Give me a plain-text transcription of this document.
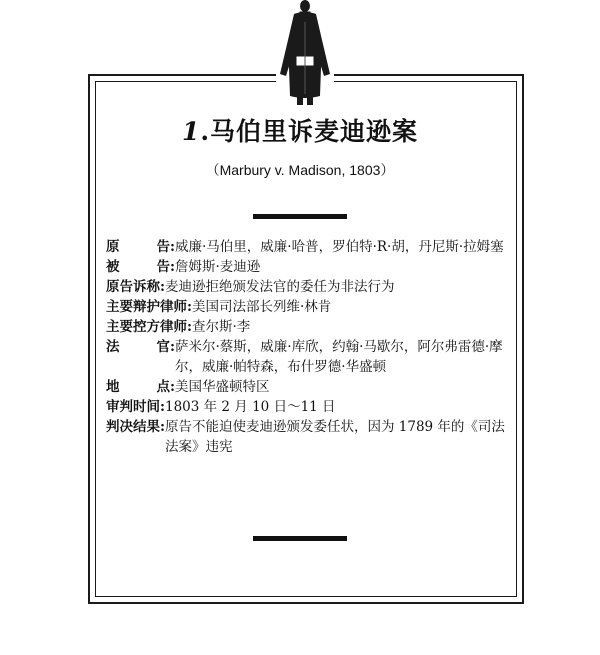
1.马伯里诉麦迪逊案
（Marbury v. Madison, 1803）
原	告 : 威廉·马伯里，威廉·哈普，罗伯特·R·胡，丹尼斯·拉姆塞
被	告 : 詹姆斯·麦迪逊
原告诉称 : 麦迪逊拒绝颁发法官的委任为非法行为
主要辩护律师 : 美国司法部长列维·林肯
主要控方律师 : 查尔斯·李
法	官 : 萨米尔·蔡斯，威廉·库欣，约翰·马歇尔，阿尔弗雷德·摩尔，威廉·帕特森，布什罗德·华盛顿
地	点 : 美国华盛顿特区
审判时间 : 1803 年 2 月 10 日～11 日
判决结果 : 原告不能迫使麦迪逊颁发委任状，因为 1789 年的《司法法案》违宪
